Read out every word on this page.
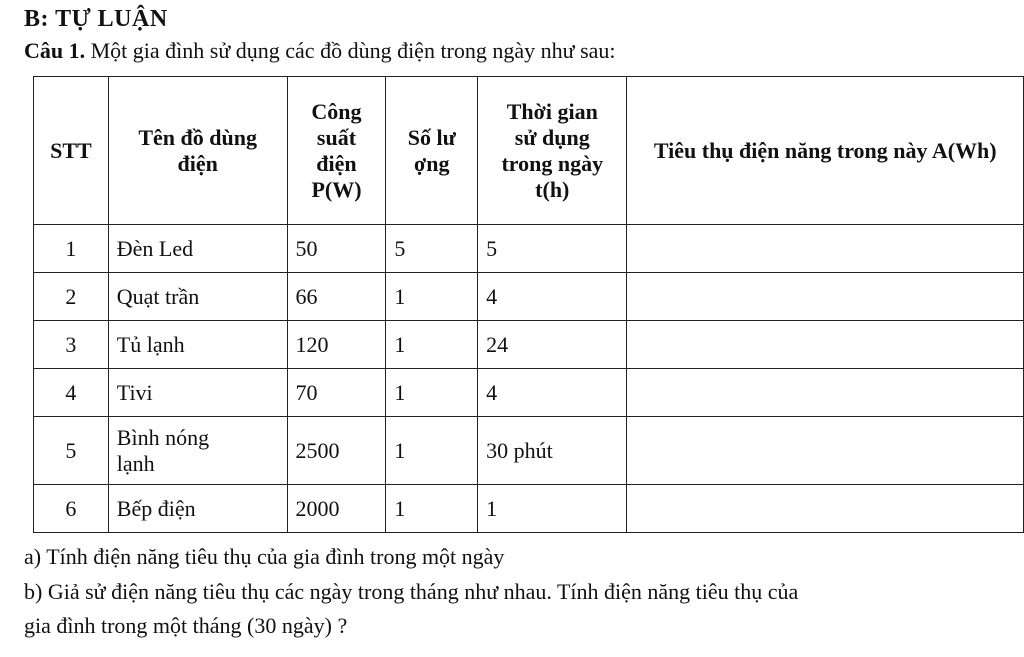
B: TỰ LUẬN
Câu 1. Một gia đình sử dụng các đồ dùng điện trong ngày như sau:
STT	Tên đồ dùng điện	Công suất điện P(W)	Số lượng	Thời gian sử dụng trong ngày t(h)	Tiêu thụ điện năng trong này A(Wh)

1	Đèn Led	50	5	5	
2	Quạt trần	66	1	4	
3	Tủ lạnh	120	1	24	
4	Tivi	70	1	4	
5	Bình nóng lạnh	2500	1	30 phút	
6	Bếp điện	2000	1	1	
a) Tính điện năng tiêu thụ của gia đình trong một ngày
b) Giả sử điện năng tiêu thụ các ngày trong tháng như nhau. Tính điện năng tiêu thụ của
gia đình trong một tháng (30 ngày) ?
